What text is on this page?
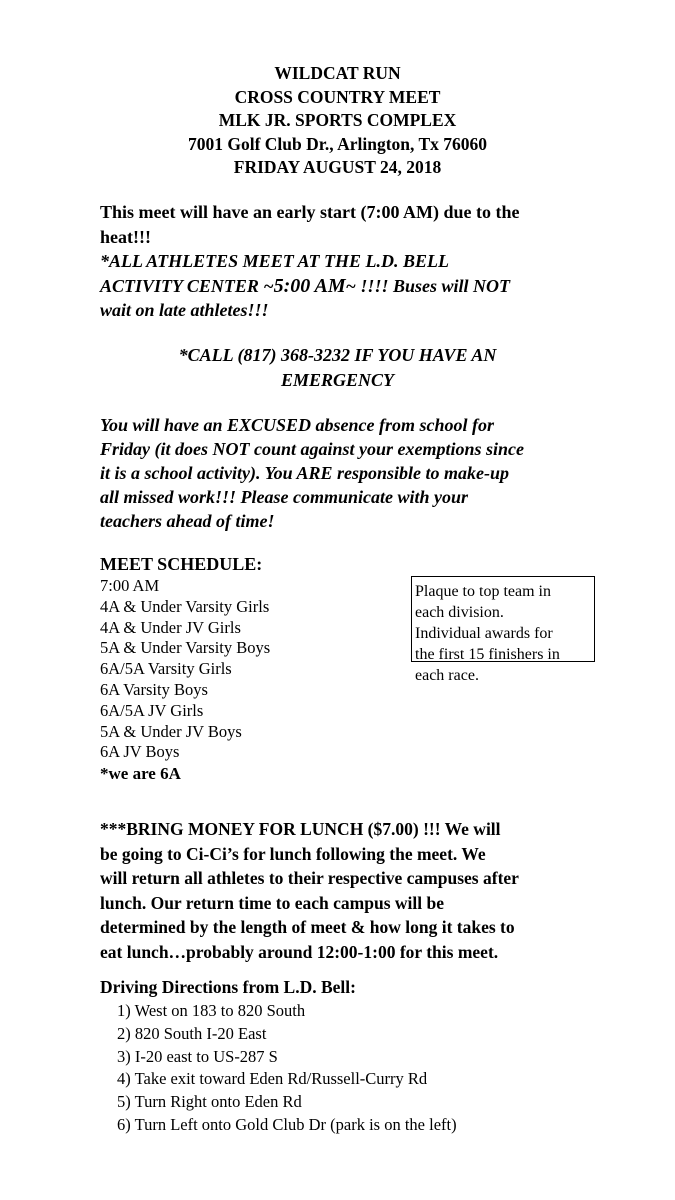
WILDCAT RUN
CROSS COUNTRY MEET
MLK JR. SPORTS COMPLEX
7001 Golf Club Dr., Arlington, Tx 76060
FRIDAY AUGUST 24, 2018
This meet will have an early start (7:00 AM) due to the
heat!!!
*ALL ATHLETES MEET AT THE L.D. BELL
ACTIVITY CENTER ~5:00 AM~ !!!! Buses will NOT
wait on late athletes!!!
*CALL (817) 368-3232 IF YOU HAVE AN
EMERGENCY
You will have an EXCUSED absence from school for
Friday (it does NOT count against your exemptions since
it is a school activity). You ARE responsible to make-up
all missed work!!! Please communicate with your
teachers ahead of time!
MEET SCHEDULE:
7:00 AM
4A & Under Varsity Girls
4A & Under JV Girls
5A & Under Varsity Boys
6A/5A Varsity Girls
6A Varsity Boys
6A/5A JV Girls
5A & Under JV Boys
6A JV Boys
*we are 6A
Plaque to top team in
each division.
Individual awards for
the first 15 finishers in
each race.
***BRING MONEY FOR LUNCH ($7.00) !!! We will
be going to Ci-Ci’s for lunch following the meet. We
will return all athletes to their respective campuses after
lunch. Our return time to each campus will be
determined by the length of meet & how long it takes to
eat lunch…probably around 12:00-1:00 for this meet.
Driving Directions from L.D. Bell:
1) West on 183 to 820 South
2) 820 South I-20 East
3) I-20 east to US-287 S
4) Take exit toward Eden Rd/Russell-Curry Rd
5) Turn Right onto Eden Rd
6) Turn Left onto Gold Club Dr (park is on the left)
